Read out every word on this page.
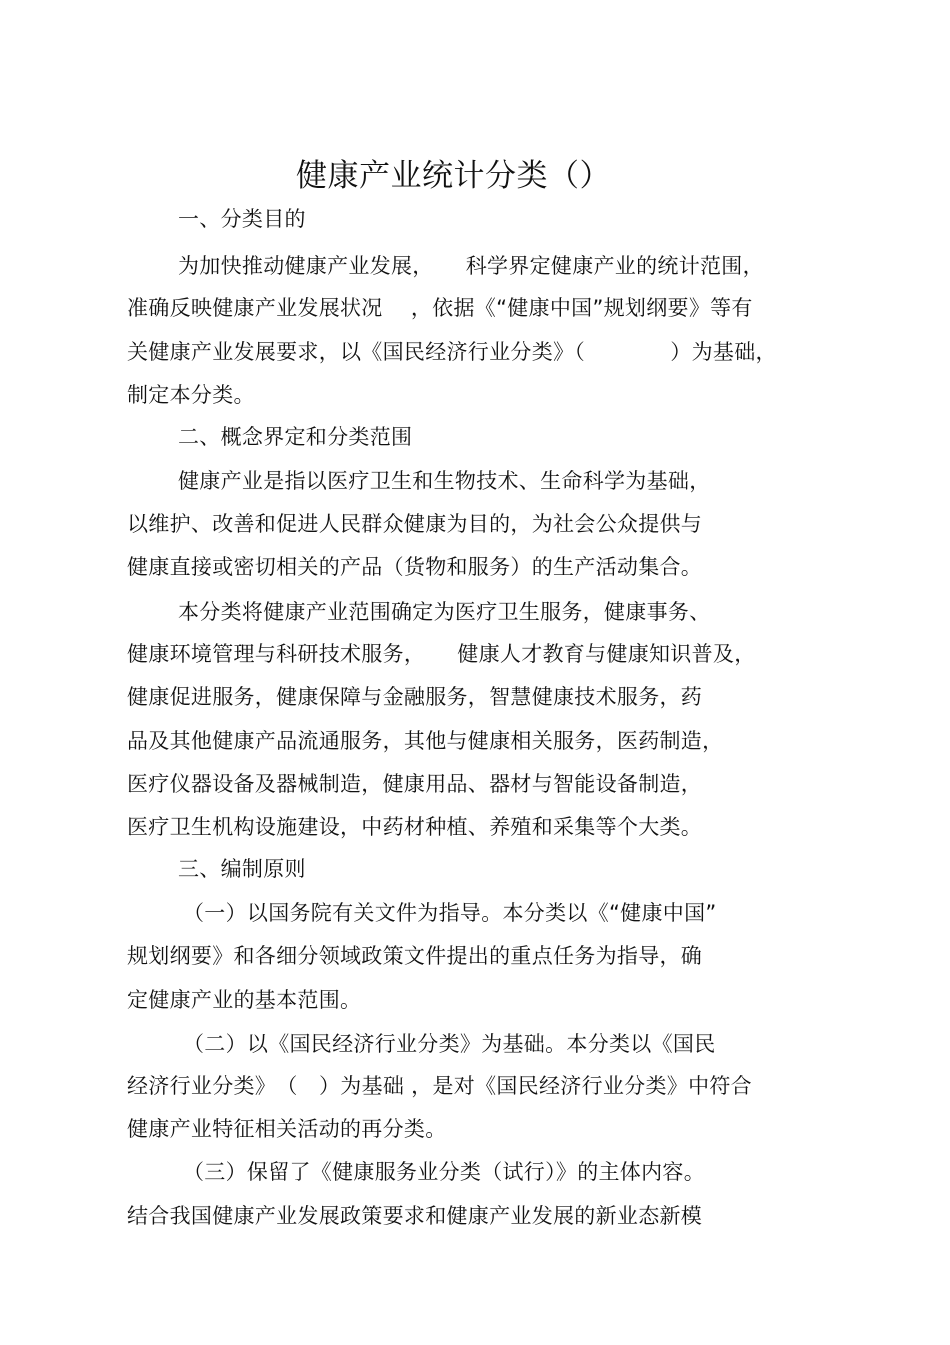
健康产业统计分类（）
一、分类目的
为加快推动健康产业发展，　　科学界定健康产业的统计范围，
准确反映健康产业发展状况　 ，依据《“健康中国”规划纲要》等有
关健康产业发展要求，以《国民经济行业分类》（　　　　）为基础，
制定本分类。
二、概念界定和分类范围
健康产业是指以医疗卫生和生物技术、生命科学为基础，
以维护、改善和促进人民群众健康为目的，为社会公众提供与
健康直接或密切相关的产品（货物和服务）的生产活动集合。
本分类将健康产业范围确定为医疗卫生服务，健康事务、
健康环境管理与科研技术服务，　　健康人才教育与健康知识普及，
健康促进服务，健康保障与金融服务，智慧健康技术服务，药
品及其他健康产品流通服务，其他与健康相关服务，医药制造，
医疗仪器设备及器械制造，健康用品、器材与智能设备制造，
医疗卫生机构设施建设，中药材种植、养殖和采集等个大类。
三、编制原则
（一）以国务院有关文件为指导。本分类以《“健康中国”
规划纲要》和各细分领域政策文件提出的重点任务为指导，确
定健康产业的基本范围。
（二）以《国民经济行业分类》为基础。本分类以《国民
经济行业分类》　（　）为基础 ，是对《国民经济行业分类》中符合
健康产业特征相关活动的再分类。
（三）保留了《健康服务业分类（试行）》的主体内容。
结合我国健康产业发展政策要求和健康产业发展的新业态新模
